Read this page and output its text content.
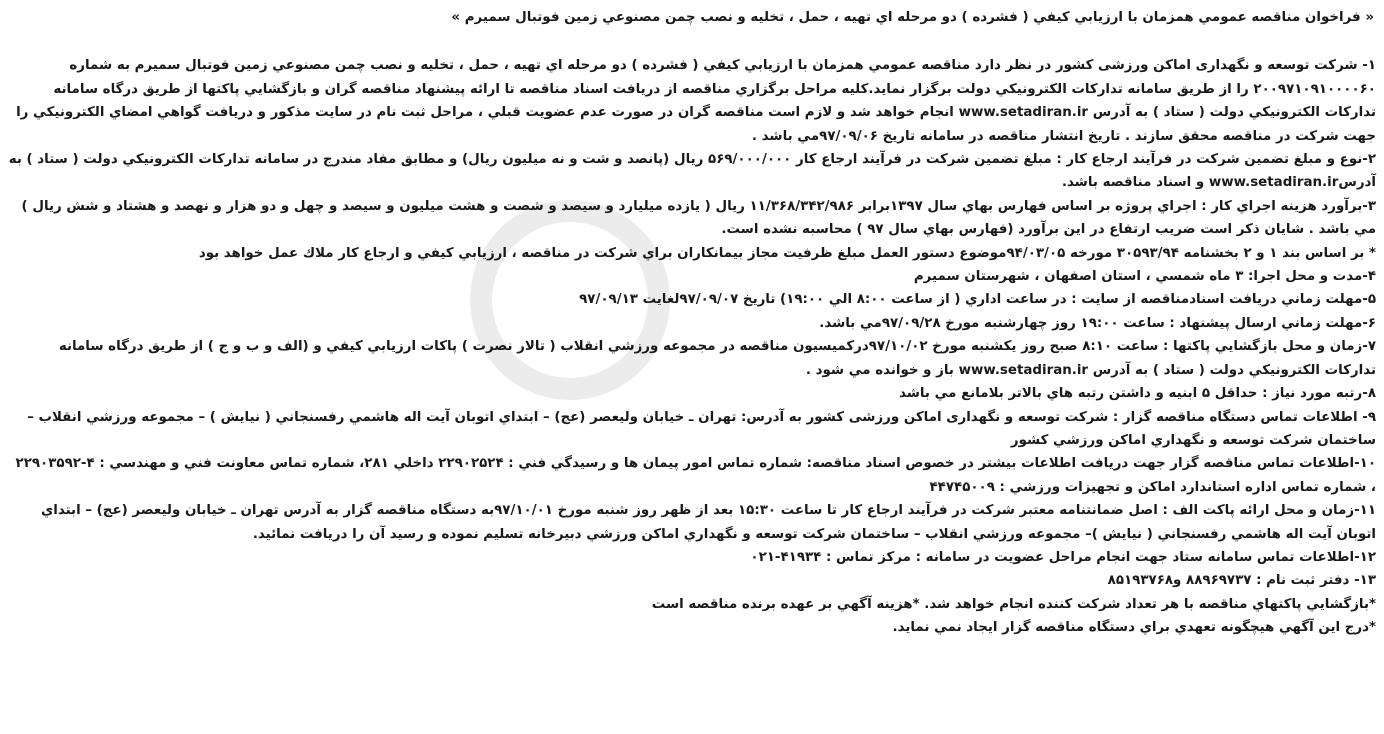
« فراخوان مناقصه عمومي همزمان با ارزيابي كيفي ( فشرده ) دو مرحله اي تهيه ، حمل ، تخليه و نصب چمن مصنوعي زمين فوتبال سميرم »

۱- شركت توسعه و نگهداری اماكن ورزشی كشور در نظر دارد مناقصه عمومي همزمان با ارزيابي كيفي ( فشرده ) دو مرحله اي تهيه ، حمل ، تخليه و نصب چمن مصنوعي زمين فوتبال سميرم به شماره ۲۰۰۹۷۱۰۹۱۰۰۰۰۶۰ را از طريق سامانه تداركات الكترونيكي دولت برگزار نمايد.كليه مراحل برگزاري مناقصه از دريافت اسناد مناقصه تا ارائه پيشنهاد مناقصه گران و بازگشايي پاكتها از طريق درگاه سامانه تداركات الكترونيكي دولت ( ستاد ) به آدرس www.setadiran.ir انجام خواهد شد و لازم است مناقصه گران در صورت عدم عضويت قبلي ، مراحل ثبت نام در سايت مذكور و دريافت گواهي امضاي الكترونيكي را جهت شركت در مناقصه محقق سازند . تاريخ انتشار مناقصه در سامانه تاريخ ۹۷/۰۹/۰۶مي باشد .

۲-نوع و مبلغ تضمين شركت در فرآيند ارجاع كار : مبلغ تضمين شركت در فرآيند ارجاع كار ۵۶۹/۰۰۰/۰۰۰ ريال (پانصد و شت و نه ميليون ريال) و مطابق مفاد مندرج در سامانه تداركات الكترونيكي دولت ( ستاد ) به آدرسwww.setadiran.ir و اسناد مناقصه باشد.

۳-برآورد هزينه اجراي كار : اجراي پروژه بر اساس فهارس بهاي سال ۱۳۹۷برابر ۱۱/۳۶۸/۳۴۲/۹۸۶ ريال ( يازده ميليارد و سيصد و شصت و هشت ميليون و سيصد و چهل و دو هزار و نهصد و هشتاد و شش ريال ) مي باشد . شايان ذكر است ضريب ارتفاع در اين برآورد (فهارس بهاي سال ۹۷ ) محاسبه نشده است.

* بر اساس بند ۱ و ۲ بخشنامه ۳۰۵۹۳/۹۴ مورخه ۹۴/۰۳/۰۵موضوع دستور العمل مبلغ ظرفيت مجاز بيمانكاران براي شركت در مناقصه ، ارزيابي كيفي و ارجاع كار ملاك عمل خواهد بود

۴-مدت و محل اجرا: ۳ ماه شمسي ، استان اصفهان ، شهرستان سميرم

۵-مهلت زماني دريافت اسنادمناقصه از سايت : در ساعت اداري ( از ساعت ۸:۰۰ الي ۱۹:۰۰) تاريخ ۹۷/۰۹/۰۷لغايت ۹۷/۰۹/۱۳

۶-مهلت زماني ارسال پيشنهاد : ساعت ۱۹:۰۰ روز چهارشنبه مورخ ۹۷/۰۹/۲۸مي باشد.

۷-زمان و محل بازگشايي پاكتها : ساعت ۸:۱۰ صبح روز يكشنبه مورخ ۹۷/۱۰/۰۲دركميسيون مناقصه در مجموعه ورزشي انقلاب ( تالار نصرت ) پاكات ارزيابي كيفي و (الف و ب و ج ) از طريق درگاه سامانه تداركات الكترونيكي دولت ( ستاد ) به آدرس www.setadiran.ir باز و خوانده مي شود .

۸-رتبه مورد نياز : حداقل ۵ ابنيه و داشتن رتبه هاي بالاتر بلامانع مي باشد

۹- اطلاعات تماس دستگاه مناقصه گزار : شركت توسعه و نگهداری اماكن ورزشی كشور به آدرس: تهران ـ خيابان وليعصر (عج) – ابتداي اتوبان آيت اله هاشمي رفسنجاني ( نيايش ) – مجموعه ورزشي انقلاب – ساختمان شركت توسعه و نگهداري اماكن ورزشي كشور

۱۰-اطلاعات تماس مناقصه گزار جهت دريافت اطلاعات بيشتر در خصوص اسناد مناقصه: شماره تماس امور پيمان ها و رسيدگي فني : ۲۲۹۰۲۵۲۴ داخلي ۲۸۱، شماره تماس معاونت فني و مهندسي : ۴-۲۲۹۰۳۵۹۲ ، شماره تماس اداره استاندارد اماكن و تجهيزات ورزشي : ۴۴۷۴۵۰۰۹

۱۱-زمان و محل ارائه پاكت الف : اصل ضمانتنامه معتبر شركت در فرآيند ارجاع كار تا ساعت ۱۵:۳۰ بعد از ظهر روز شنبه مورخ ۹۷/۱۰/۰۱به دستگاه مناقصه گزار به آدرس تهران ـ خيابان وليعصر (عج) – ابتداي اتوبان آيت اله هاشمي رفسنجاني ( نيايش )– مجموعه ورزشي انقلاب – ساختمان شركت توسعه و نگهداري اماكن ورزشي دبيرخانه تسليم نموده و رسيد آن را دريافت نمائيد.

۱۲-اطلاعات تماس سامانه ستاد جهت انجام مراحل عضويت در سامانه : مركز تماس : ۴۱۹۳۴-۰۲۱

۱۳- دفتر ثبت نام : ۸۸۹۶۹۷۳۷ و۸۵۱۹۳۷۶۸

*بازگشايي پاكتهاي مناقصه با هر تعداد شركت كننده انجام خواهد شد. *هزينه آگهي بر عهده برنده مناقصه است

*درج اين آگهي هيچگونه تعهدي براي دستگاه مناقصه گزار ايجاد نمي نمايد.
